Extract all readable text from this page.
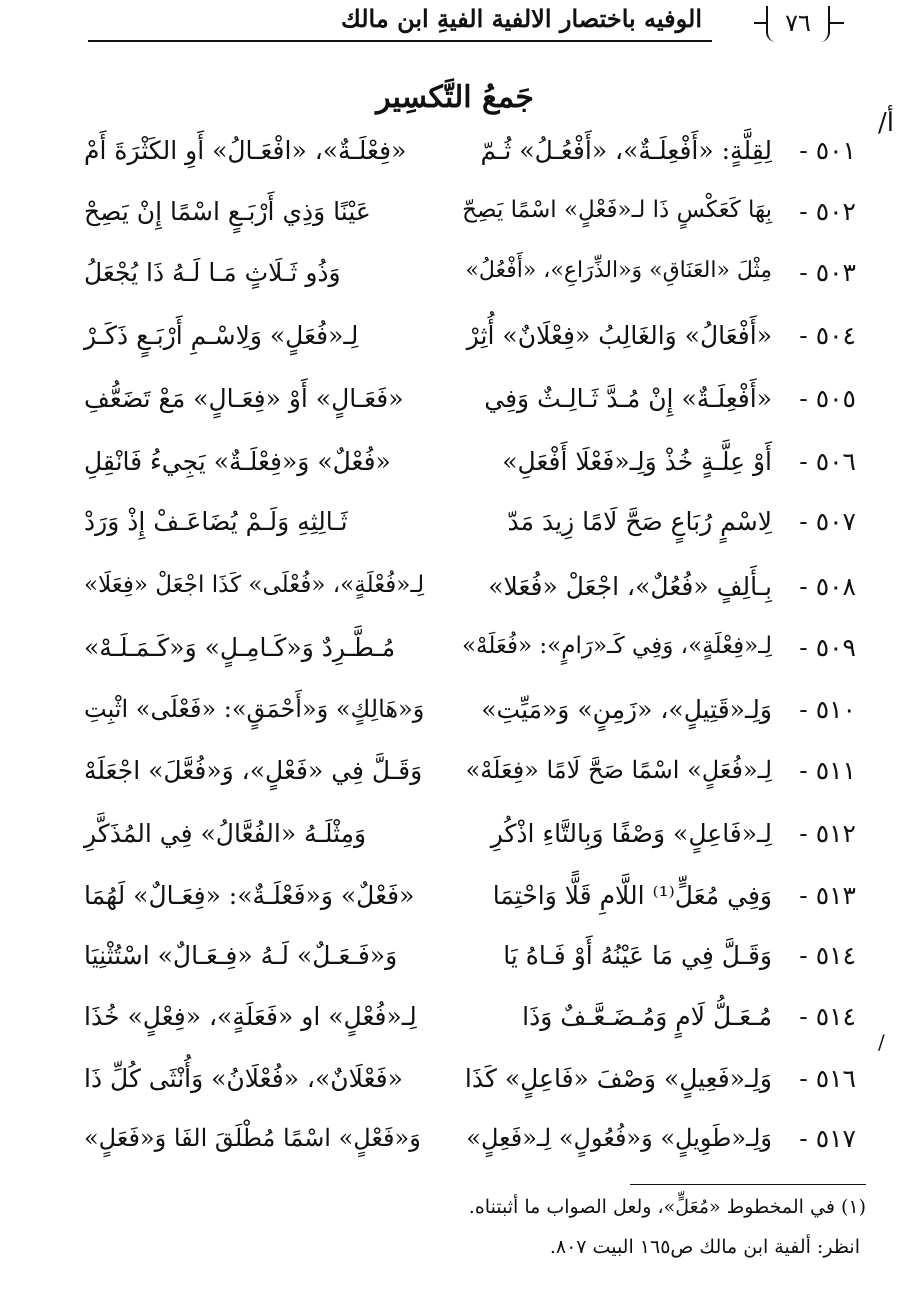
الوفيه باختصار الالفية الفيةِ ابن مالك	٧٦
جَمعُ التَّكسِير
أ/
/
٥٠١ -
لِقِلَّةٍ: «أَفْعِلَـةٌ»، «أَفْعُـلُ» ثُـمّ
«فِعْلَـةٌ»، «افْعَـالُ» أَوِ الكَثْرَةَ أَمْ
٥٠٢ -
بِهَا كَعَكْسٍ ذَا لـ«فَعْلٍ» اسْمًا يَصِحّ
عَيْنًا وَذِي أَرْبَـعٍ اسْمًا إِنْ يَصِحْ
٥٠٣ -
مِثْلَ «العَنَاقِ» وَ«الذِّرَاعِ»، «أَفْعُلُ»
وَذُو ثَـلَاثٍ مَـا لَـهُ ذَا يُجْعَلُ
٥٠٤ -
«أَفْعَالُ» وَالغَالِبُ «فِعْلَانٌ» أُثِرْ
لِـ«فُعَلٍ» وَلِاسْـمِ أَرْبَـعٍ ذَكَـرْ
٥٠٥ -
«أَفْعِلَـةٌ» إِنْ مُـدَّ ثَـالِـثٌ وَفِي
«فَعَـالٍ» أَوْ «فِعَـالٍ» مَعْ تَضَعُّفِ
٥٠٦ -
أَوْ عِلَّـةٍ خُذْ وَلِـ«فَعْلَا أَفْعَلِ»
«فُعْلٌ» وَ«فِعْلَـةٌ» يَجِيءُ فَانْقِلِ
٥٠٧ -
لِاسْمٍ رُبَاعٍ صَحَّ لَامًا زِيدَ مَدّ
ثَـالِثِهِ وَلَـمْ يُضَاعَـفْ إِذْ وَرَدْ
٥٠٨ -
بِـأَلِفٍ «فُعُلٌ»، اجْعَلْ «فُعَلا»
لِـ«فُعْلَةٍ»، «فُعْلَى» كَذَا اجْعَلْ «فِعَلَا»
٥٠٩ -
لِـ«فِعْلَةٍ»، وَفِي كَـ«رَامٍ»: «فُعَلَهْ»
مُـطَّـرِدٌ وَ«كَـامِـلٍ» وَ«كَـمَـلَـهْ»
٥١٠ -
وَلِـ«قَتِيلٍ»، «زَمِنٍ» وَ«مَيِّتِ»
وَ«هَالِكٍ» وَ«أَحْمَقٍ»: «فَعْلَى» اثْبِتِ
٥١١ -
لِـ«فُعَلٍ» اسْمًا صَحَّ لَامًا «فِعَلَهْ»
وَقَـلَّ فِي «فَعْلٍ»، وَ«فُعَّلَ» اجْعَلَهْ
٥١٢ -
لِـ«فَاعِلٍ» وَصْفًا وَبِالتَّاءِ اذْكُرِ
وَمِثْلَـهُ «الفُعَّالُ» فِي المُذَكَّرِ
٥١٣ -
وَفِي مُعَلٍّ⁽¹⁾ اللَّامِ قَلًّا وَاحْتِمَا
«فَعْلٌ» وَ«فَعْلَـةٌ»: «فِعَـالٌ» لَهُمَا
٥١٤ -
وَقَـلَّ فِي مَا عَيْنُهُ أَوْ فَـاهُ يَا
وَ«فَـعَـلٌ» لَـهُ «فِـعَـالٌ» اسْتُثْنِيَا
٥١٤ -
مُـعَـلُّ لَامٍ وَمُـضَـعَّـفٌ وَذَا
لِـ«فُعْلٍ» او «فَعَلَةٍ»، «فِعْلٍ» خُذَا
٥١٦ -
وَلِـ«فَعِيلٍ» وَصْفَ «فَاعِلٍ» كَذَا
«فَعْلَانٌ»، «فُعْلَانُ» وَأُنْثَى كُلِّ ذَا
٥١٧ -
وَلِـ«طَوِيلٍ» وَ«فُعُولٍ» لِـ«فَعِلٍ»
وَ«فَعْلٍ» اسْمًا مُطْلَقَ الفَا وَ«فَعَلٍ»
(١) في المخطوط «مُعَلٍّ»، ولعل الصواب ما أثبتناه.
انظر: ألفية ابن مالك ص١٦٥ البيت ٨٠٧.
